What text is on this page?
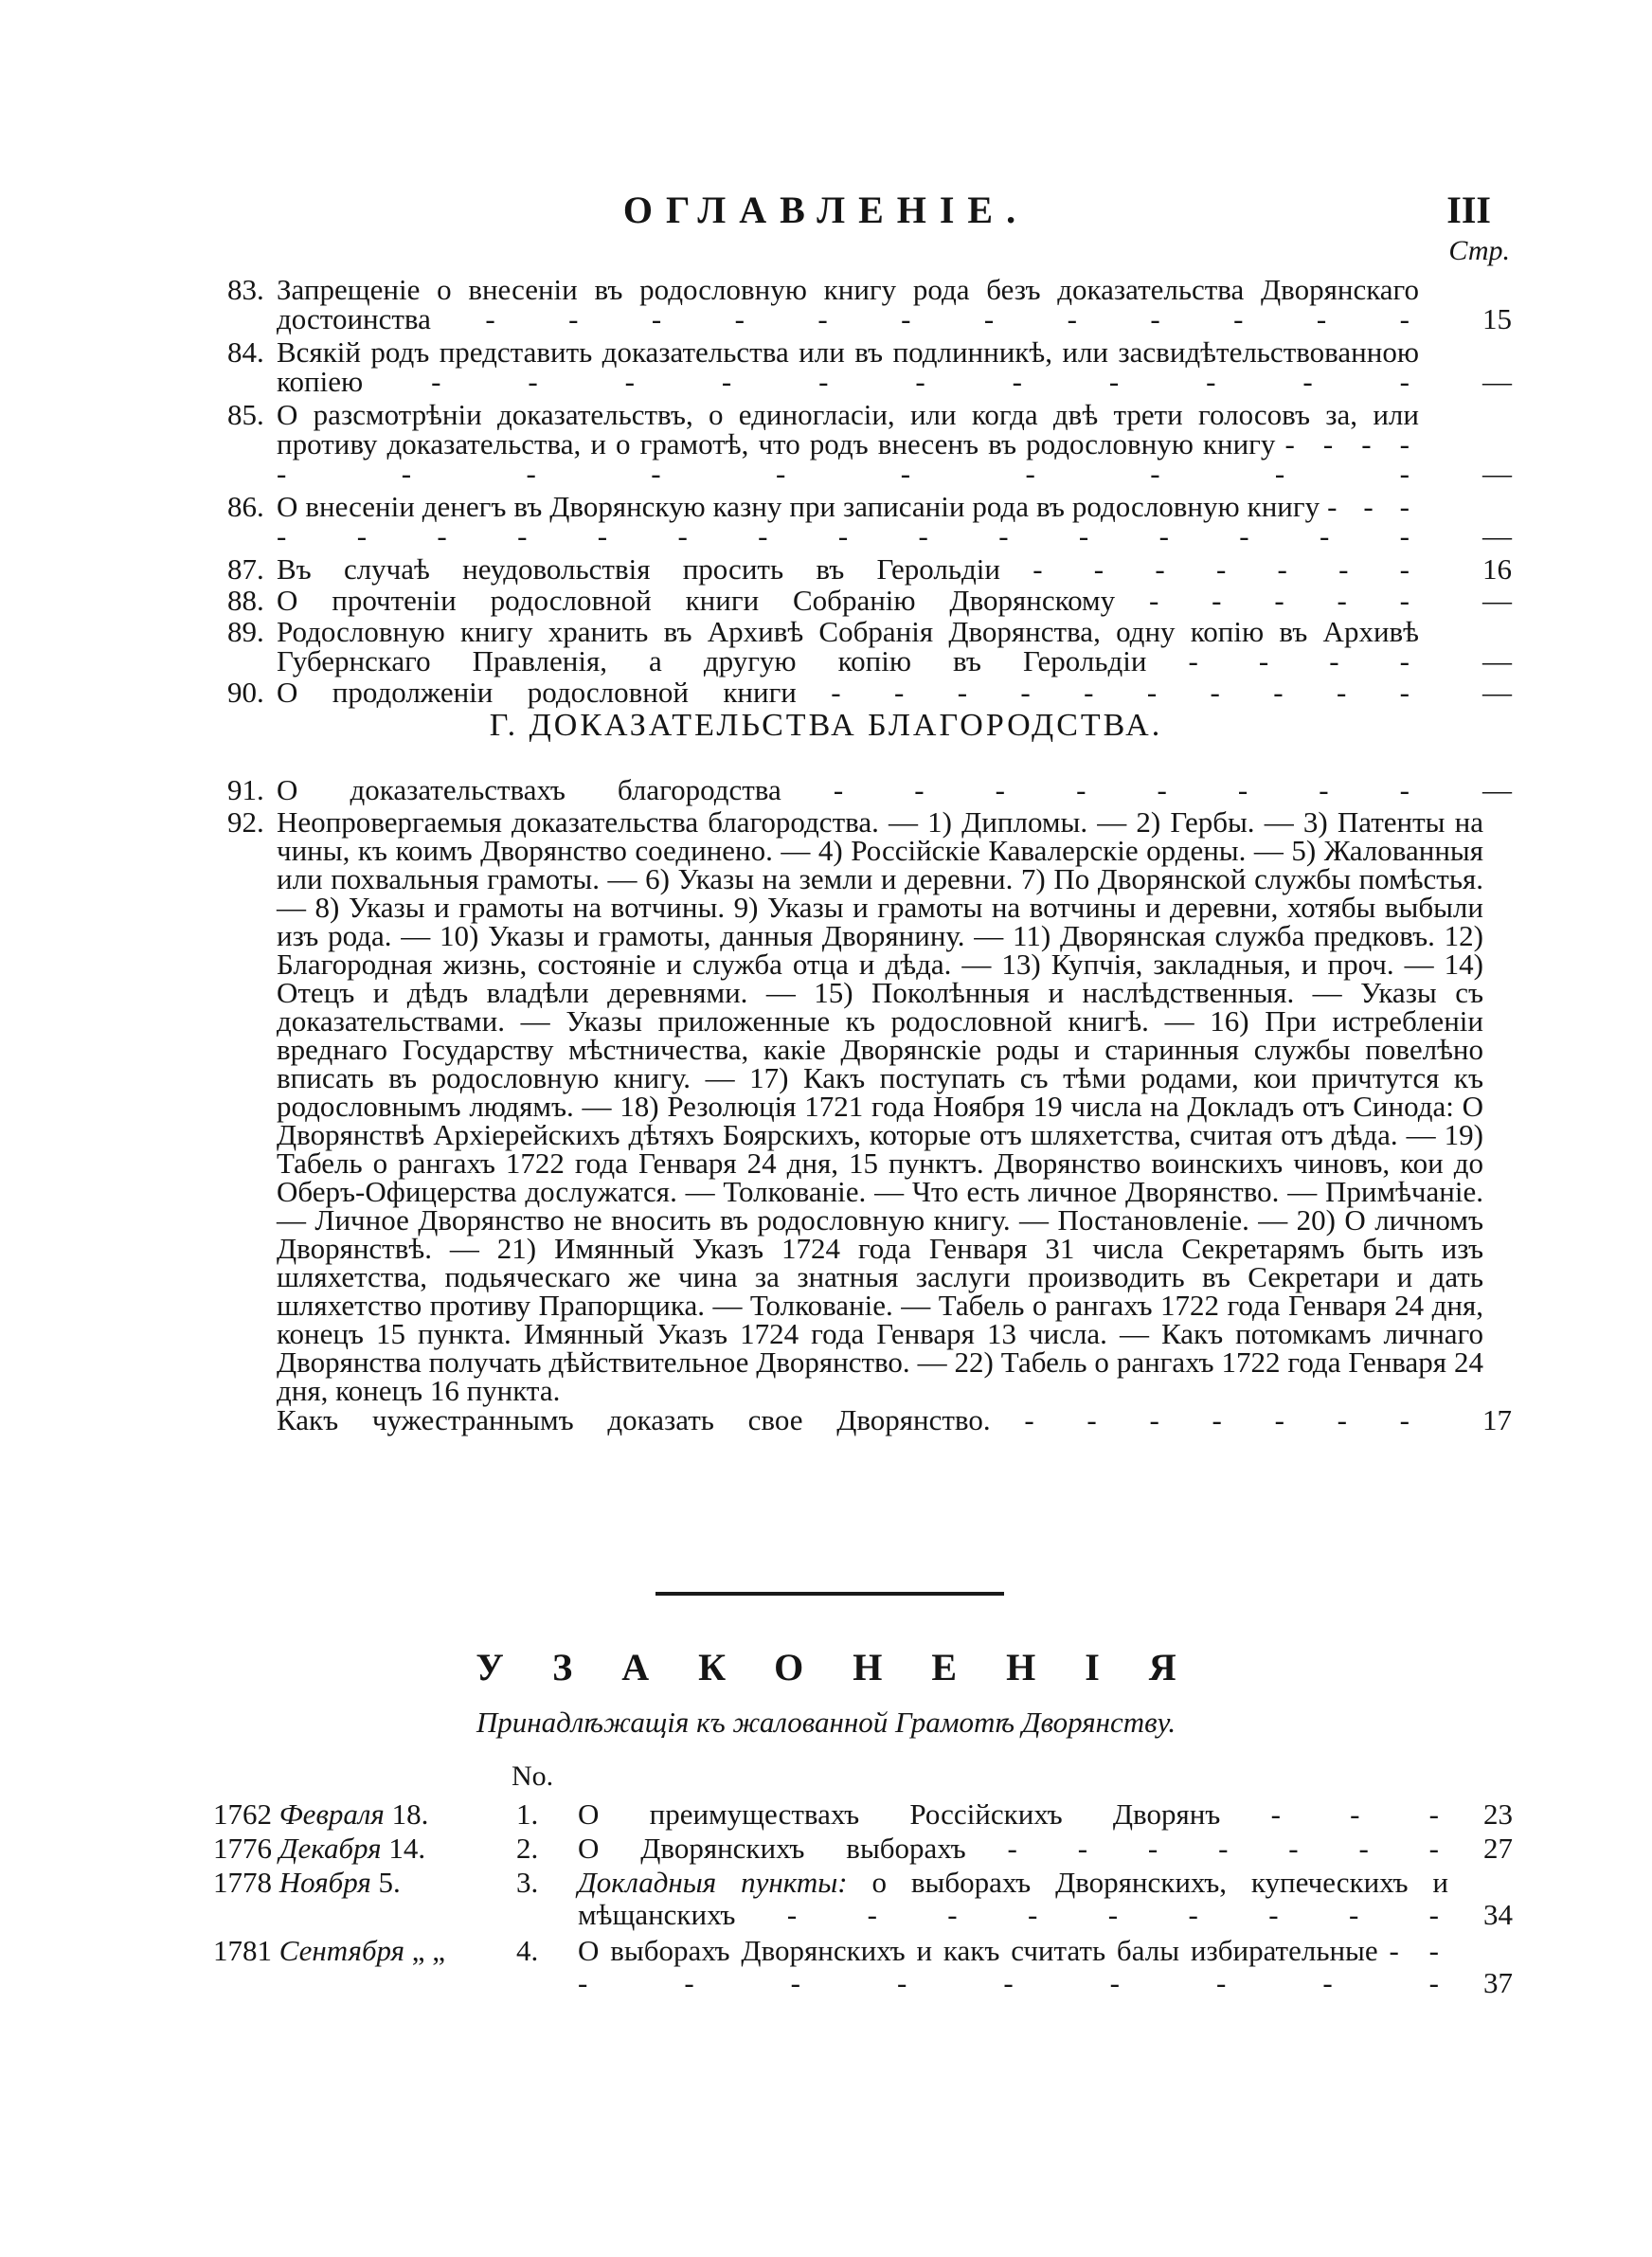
ОГЛАВЛЕНІЕ.	III
Стр.
83. Запрещеніе о внесеніи въ родословную книгу рода безъ доказательства Дворянскаго достоинства - - - - - - - - - - - -	15
84. Всякій родъ представить доказательства или въ подлинникѣ, или засвидѣтельствованною копіею - - - - - - - - - - -	—
85. О разсмотрѣніи доказательствъ, о единогласіи, или когда двѣ трети голосовъ за, или противу доказательства, и о грамотѣ, что родъ внесенъ въ родословную книгу - - - - - - - - - - - - - -	—
86. О внесеніи денегъ въ Дворянскую казну при записаніи рода въ родословную книгу - - - - - - - - - - - - - - - - - -	—
87. Въ случаѣ неудовольствія просить въ Герольдіи - - - - - - -	16
88. О прочтеніи родословной книги Собранію Дворянскому - - - - -	—
89. Родословную книгу хранить въ Архивѣ Собранія Дворянства, одну копію въ Архивѣ Губернскаго Правленія, а другую копію въ Герольдіи - - - -	—
90. О продолженіи родословной книги - - - - - - - - - -	—
Г. ДОКАЗАТЕЛЬСТВА БЛАГОРОДСТВА.
91. О доказательствахъ благородства - - - - - - - -	—
92. Неопровергаемыя доказательства благородства. — 1) Дипломы. — 2) Гербы. — 3) Патенты на чины, къ коимъ Дворянство соединено. — 4) Россійскіе Кавалерскіе ордены. — 5) Жалованныя или похвальныя грамоты. — 6) Указы на земли и деревни. 7) По Дворянской службы помѣстья. — 8) Указы и грамоты на вотчины. 9) Указы и грамоты на вотчины и деревни, хотябы выбыли изъ рода. — 10) Указы и грамоты, данныя Дворянину. — 11) Дворянская служба предковъ. 12) Благородная жизнь, состояніе и служба отца и дѣда. — 13) Купчія, закладныя, и проч. — 14) Отецъ и дѣдъ владѣли деревнями. — 15) Поколѣнныя и наслѣдственныя. — Указы съ доказательствами. — Указы приложенные къ родословной книгѣ. — 16) При истребленіи вреднаго Государству мѣстничества, какіе Дворянскіе роды и старинныя службы повелѣно вписать въ родословную книгу. — 17) Какъ поступать съ тѣми родами, кои причтутся къ родословнымъ людямъ. — 18) Резолюція 1721 года Ноября 19 числа на Докладъ отъ Синода: О Дворянствѣ Архіерейскихъ дѣтяхъ Боярскихъ, которые отъ шляхетства, считая отъ дѣда. — 19) Табель о рангахъ 1722 года Генваря 24 дня, 15 пунктъ. Дворянство воинскихъ чиновъ, кои до Оберъ-Офицерства дослужатся. — Толкованіе. — Что есть личное Дворянство. — Примѣчаніе. — Личное Дворянство не вносить въ родословную книгу. — Постановленіе. — 20) О личномъ Дворянствѣ. — 21) Имянный Указъ 1724 года Генваря 31 числа Секретарямъ быть изъ шляхетства, подьяческаго же чина за знатныя заслуги производить въ Секретари и дать шляхетство противу Прапорщика. — Толкованіе. — Табель о рангахъ 1722 года Генваря 24 дня, конецъ 15 пункта. Имянный Указъ 1724 года Генваря 13 числа. — Какъ потомкамъ личнаго Дворянства получать дѣйствительное Дворянство. — 22) Табель о рангахъ 1722 года Генваря 24 дня, конецъ 16 пункта.
Какъ чужестраннымъ доказать свое Дворянство. - - - - - - -	17
УЗАКОНЕНІЯ
Принадлѣжащія къ жалованной Грамотѣ Дворянству.
No.
1762 Февраля 18.	1.	О преимуществахъ Россійскихъ Дворянъ - - -	23
1776 Декабря 14.	2.	О Дворянскихъ выборахъ - - - - - - -	27
1778 Ноября 5.	3.	Докладныя пункты: о выборахъ Дворянскихъ, купеческихъ и мѣщанскихъ - - - - - - - - -	34
1781 Сентября „ „	4.	О выборахъ Дворянскихъ и какъ считать балы избирательные - - - - - - - - - - -	37
